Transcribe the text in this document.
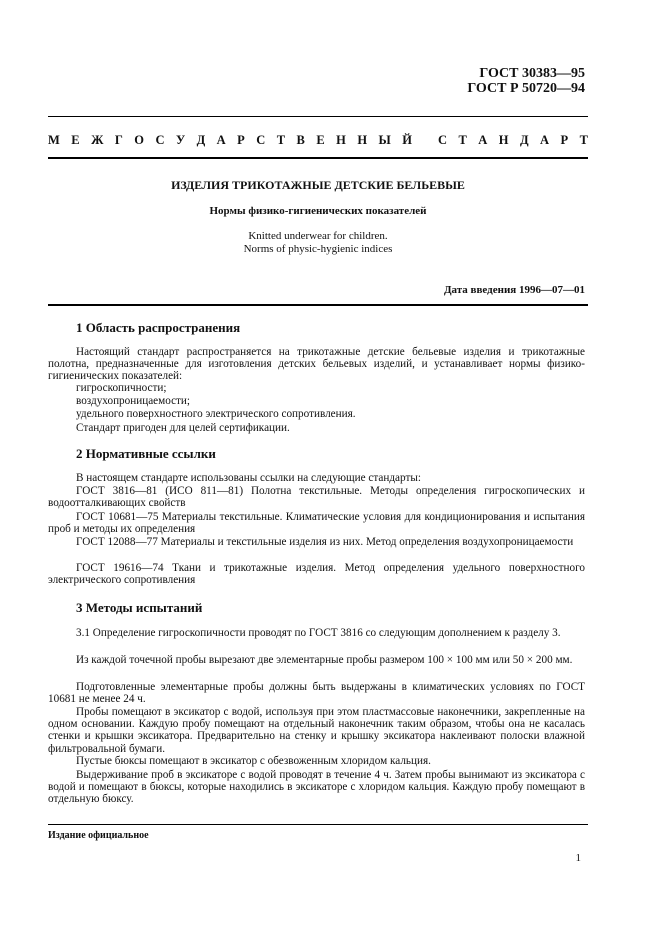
ГОСТ 30383—95
ГОСТ Р 50720—94
М Е Ж Г О С У Д А Р С Т В Е Н Н Ы Й
С Т А Н Д А Р Т
ИЗДЕЛИЯ ТРИКОТАЖНЫЕ ДЕТСКИЕ БЕЛЬЕВЫЕ
Нормы физико-гигиенических показателей
Knitted underwear for children.
Norms of physic-hygienic indices
Дата введения 1996—07—01
1 Область распространения
Настоящий стандарт распространяется на трикотажные детские бельевые изделия и трикотажные полотна, предназначенные для изготовления детских бельевых изделий, и устанавливает нормы физико-гигиенических показателей:
гигроскопичности;
воздухопроницаемости;
удельного поверхностного электрического сопротивления.
Стандарт пригоден для целей сертификации.
2 Нормативные ссылки
В настоящем стандарте использованы ссылки на следующие стандарты:
ГОСТ 3816—81 (ИСО 811—81) Полотна текстильные. Методы определения гигроскопических и водоотталкивающих свойств
ГОСТ 10681—75 Материалы текстильные. Климатические условия для кондиционирования и испытания проб и методы их определения
ГОСТ 12088—77 Материалы и текстильные изделия из них. Метод определения воздухопроницаемости
ГОСТ 19616—74 Ткани и трикотажные изделия. Метод определения удельного поверхностного электрического сопротивления
3 Методы испытаний
3.1 Определение гигроскопичности проводят по ГОСТ 3816 со следующим дополнением к разделу 3.
Из каждой точечной пробы вырезают две элементарные пробы размером 100 × 100 мм или 50 × 200 мм.
Подготовленные элементарные пробы должны быть выдержаны в климатических условиях по ГОСТ 10681 не менее 24 ч.
Пробы помещают в эксикатор с водой, используя при этом пластмассовые наконечники, закрепленные на одном основании. Каждую пробу помещают на отдельный наконечник таким образом, чтобы она не касалась стенки и крышки эксикатора. Предварительно на стенку и крышку эксикатора наклеивают полоски влажной фильтровальной бумаги.
Пустые бюксы помещают в эксикатор с обезвоженным хлоридом кальция.
Выдерживание проб в эксикаторе с водой проводят в течение 4 ч. Затем пробы вынимают из эксикатора с водой и помещают в бюксы, которые находились в эксикаторе с хлоридом кальция. Каждую пробу помещают в отдельную бюксу.
Издание официальное
1
